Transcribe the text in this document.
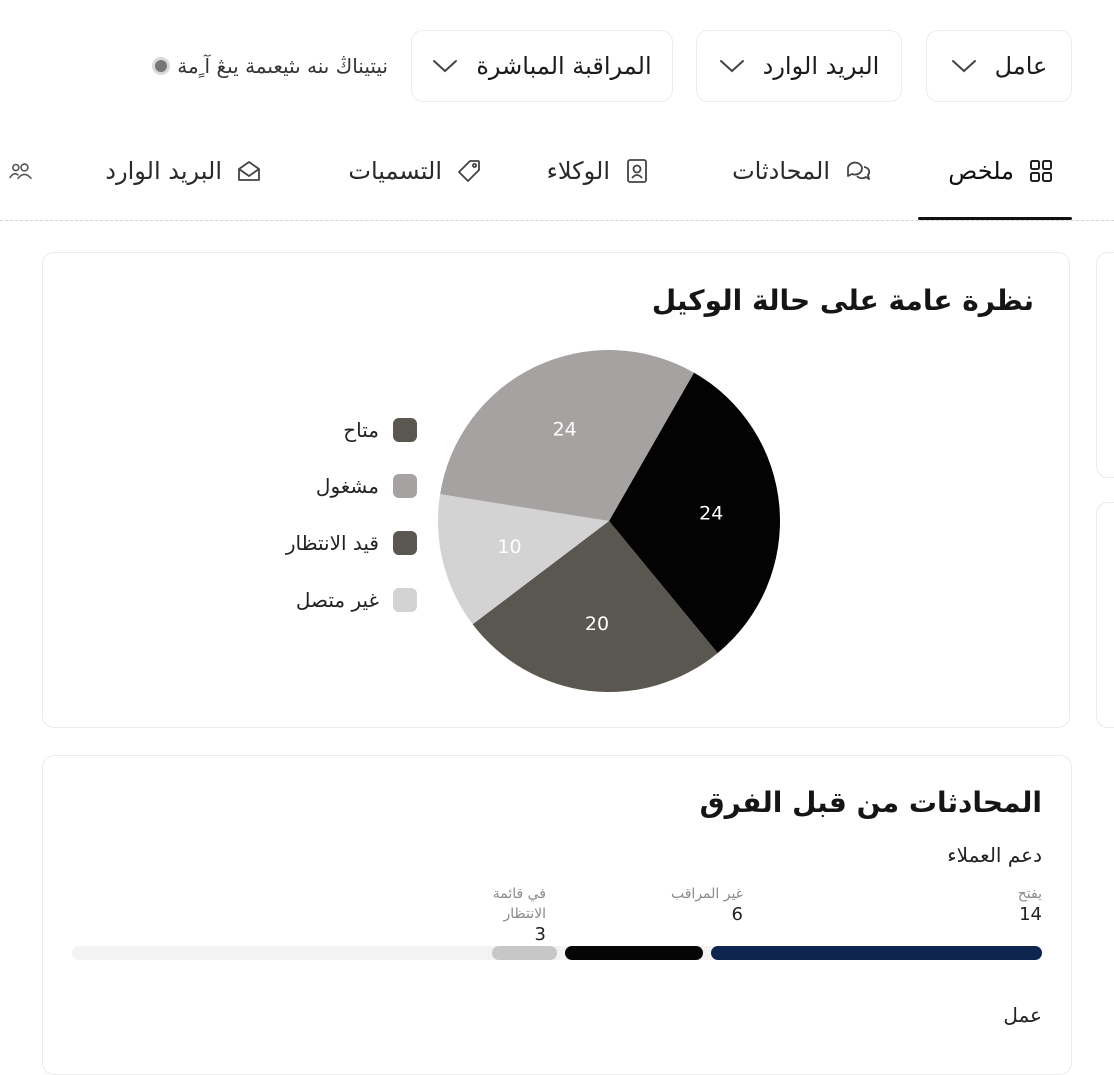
عامل
البريد الوارد
المراقبة المباشرة
نيتيناڭ ىنه ىثيعىمة يىڠ آ ٍمة
ملخص
المحادثات
الوكلاء
التسميات
البريد الوارد
نظرة عامة على حالة الوكيل
24
20
10
24
متاح
مشغول
قيد الانتظار
غير متصل
المحادثات من قبل الفرق
دعم العملاء
يفتح
14
غير المراقب
6
في قائمة الانتظار
3
عمل
